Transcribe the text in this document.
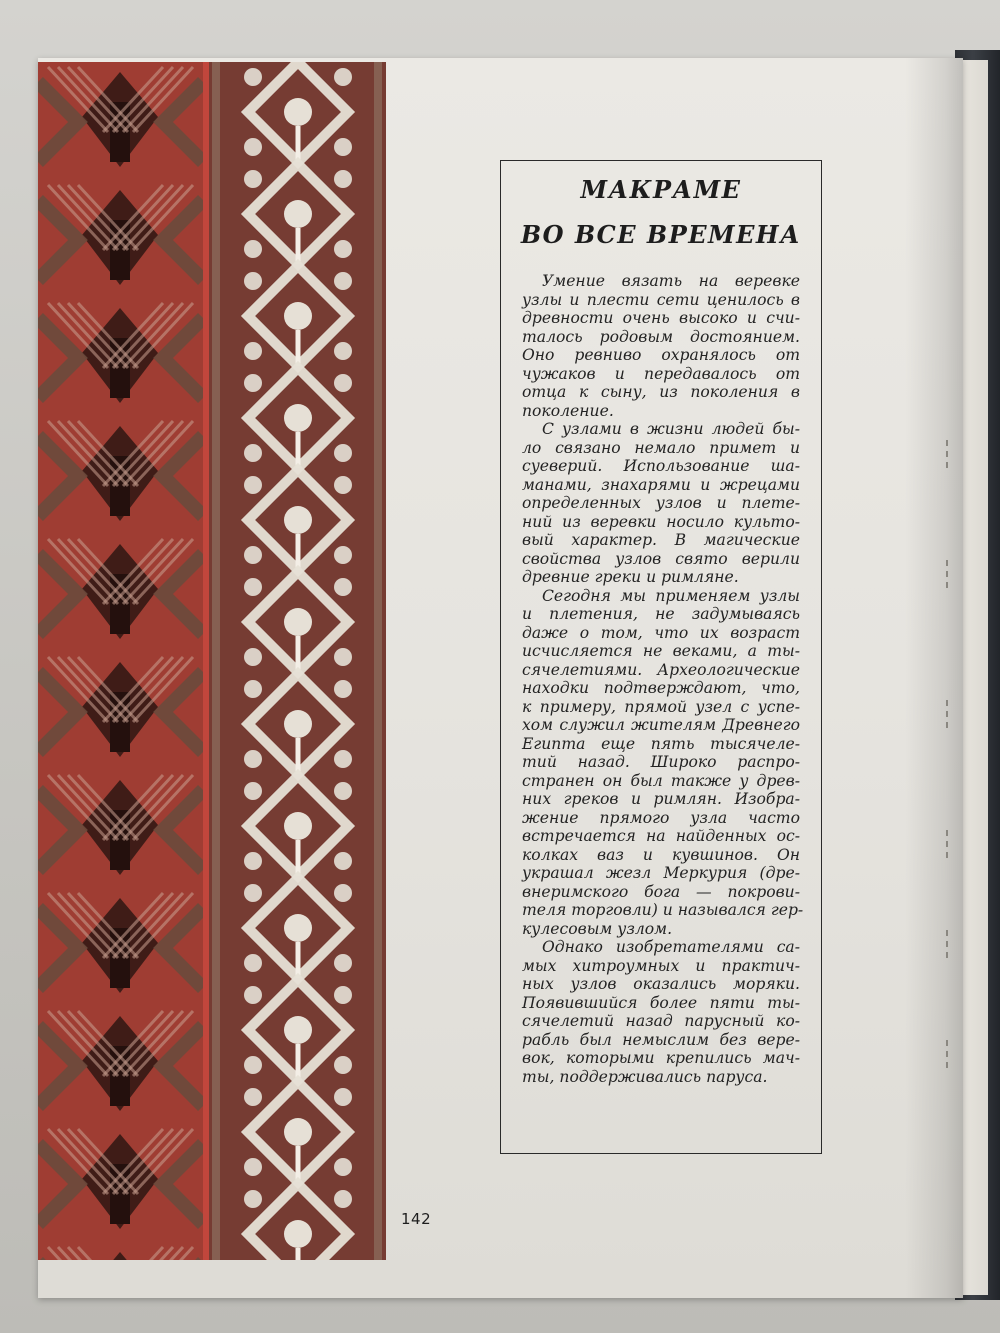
142
МАКРАМЕ
ВО ВСЕ ВРЕМЕНА
Умение вязать на веревке
узлы и плести сети ценилось в
древности очень высоко и счи-
талось родовым достоянием.
Оно ревниво охранялось от
чужаков и передавалось от
отца к сыну, из поколения в
поколение.
С узлами в жизни людей бы-
ло связано немало примет и
суеверий. Использование ша-
манами, знахарями и жрецами
определенных узлов и плете-
ний из веревки носило культо-
вый характер. В магические
свойства узлов свято верили
древние греки и римляне.
Сегодня мы применяем узлы
и плетения, не задумываясь
даже о том, что их возраст
исчисляется не веками, а ты-
сячелетиями. Археологические
находки подтверждают, что,
к примеру, прямой узел с успе-
хом служил жителям Древнего
Египта еще пять тысячеле-
тий назад. Широко распро-
странен он был также у древ-
них греков и римлян. Изобра-
жение прямого узла часто
встречается на найденных ос-
колках ваз и кувшинов. Он
украшал жезл Меркурия (дре-
внеримского бога — покрови-
теля торговли) и назывался гер-
кулесовым узлом.
Однако изобретателями са-
мых хитроумных и практич-
ных узлов оказались моряки.
Появившийся более пяти ты-
сячелетий назад парусный ко-
рабль был немыслим без вере-
вок, которыми крепились мач-
ты, поддерживались паруса.
